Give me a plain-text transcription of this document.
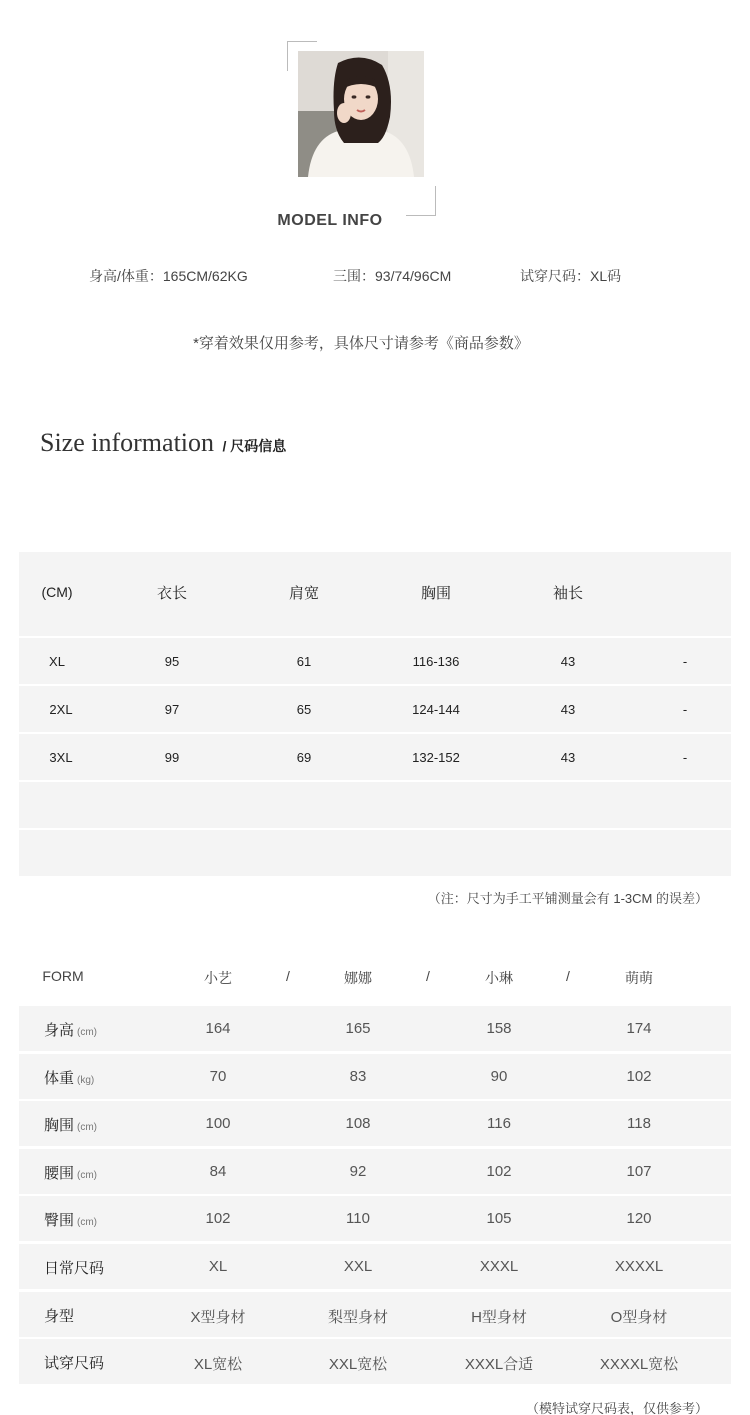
MODEL INFO
身高/体重：165CM/62KG	三围：93/74/96CM	试穿尺码：XL码
*穿着效果仅用参考，具体尺寸请参考《商品参数》
Size information / 尺码信息
(CM)	衣长	肩宽	胸围	袖长
XL	95	61	116-136	43	-
2XL	97	65	124-144	43	-
3XL	99	69	132-152	43	-
（注：尺寸为手工平铺测量会有 1-3CM 的误差）
FORM	小艺	/	娜娜	/	小琳	/	萌萌
身高 (cm)	164	165	158	174
体重 (kg)	70	83	90	102
胸围 (cm)	100	108	116	118
腰围 (cm)	84	92	102	107
臀围 (cm)	102	110	105	120
日常尺码	XL	XXL	XXXL	XXXXL
身型	X型身材	梨型身材	H型身材	O型身材
试穿尺码	XL宽松	XXL宽松	XXXL合适	XXXXL宽松
（模特试穿尺码表，仅供参考）
